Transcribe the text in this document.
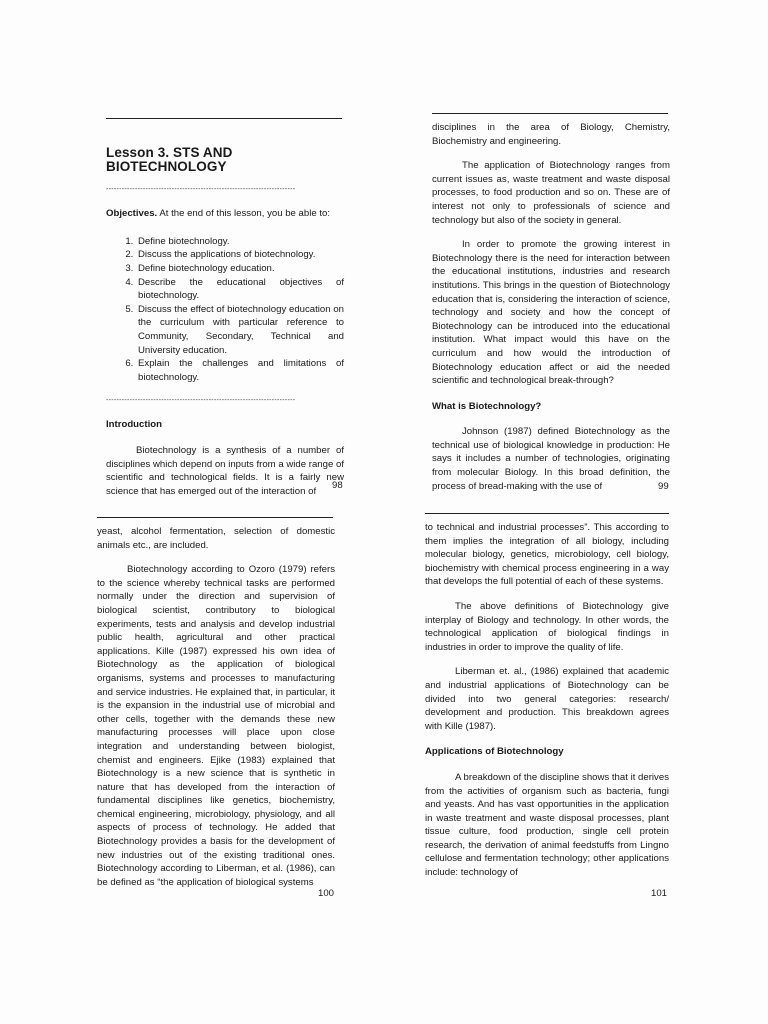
Lesson 3. STS AND BIOTECHNOLOGY
------------------------------------------------------------------------

Objectives. At the end of this lesson, you be able to:

1. Define biotechnology.
2. Discuss the applications of biotechnology.
3. Define biotechnology education.
4. Describe the educational objectives of biotechnology.
5. Discuss the effect of biotechnology education on the curriculum with particular reference to Community, Secondary, Technical and University education.
6. Explain the challenges and limitations of biotechnology.
------------------------------------------------------------------------
Introduction

Biotechnology is a synthesis of a number of disciplines which depend on inputs from a wide range of scientific and technological fields. It is a fairly new science that has emerged out of the interaction of

98

disciplines in the area of Biology, Chemistry, Biochemistry and engineering.

The application of Biotechnology ranges from current issues as, waste treatment and waste disposal processes, to food production and so on. These are of interest not only to professionals of science and technology but also of the society in general.

In order to promote the growing interest in Biotechnology there is the need for interaction between the educational institutions, industries and research institutions. This brings in the question of Biotechnology education that is, considering the interaction of science, technology and society and how the concept of Biotechnology can be introduced into the educational institution. What impact would this have on the curriculum and how would the introduction of Biotechnology education affect or aid the needed scientific and technological break-through?

What is Biotechnology?

Johnson (1987) defined Biotechnology as the technical use of biological knowledge in production: He says it includes a number of technologies, originating from molecular Biology. In this broad definition, the process of bread-making with the use of	99

yeast, alcohol fermentation, selection of domestic animals etc., are included.

Biotechnology according to Ozoro (1979) refers to the science whereby technical tasks are performed normally under the direction and supervision of biological scientist, contributory to biological experiments, tests and analysis and develop industrial public health, agricultural and other practical applications. Kille (1987) expressed his own idea of Biotechnology as the application of biological organisms, systems and processes to manufacturing and service industries. He explained that, in particular, it is the expansion in the industrial use of microbial and other cells, together with the demands these new manufacturing processes will place upon close integration and understanding between biologist, chemist and engineers. Ejike (1983) explained that Biotechnology is a new science that is synthetic in nature that has developed from the interaction of fundamental disciplines like genetics, biochemistry, chemical engineering, microbiology, physiology, and all aspects of process of technology. He added that Biotechnology provides a basis for the development of new industries out of the existing traditional ones. Biotechnology according to Liberman, et al. (1986), can be defined as “the application of biological systems

100

to technical and industrial processes”. This according to them implies the integration of all biology, including molecular biology, genetics, microbiology, cell biology, biochemistry with chemical process engineering in a way that develops the full potential of each of these systems.

The above definitions of Biotechnology give interplay of Biology and technology. In other words, the technological application of biological findings in industries in order to improve the quality of life.

Liberman et. al., (1986) explained that academic and industrial applications of Biotechnology can be divided into two general categories: research/ development and production. This breakdown agrees with Kille (1987).

Applications of Biotechnology

A breakdown of the discipline shows that it derives from the activities of organism such as bacteria, fungi and yeasts. And has vast opportunities in the application in waste treatment and waste disposal processes, plant tissue culture, food production, single cell protein research, the derivation of animal feedstuffs from Lingno cellulose and fermentation technology; other applications include: technology of

101
